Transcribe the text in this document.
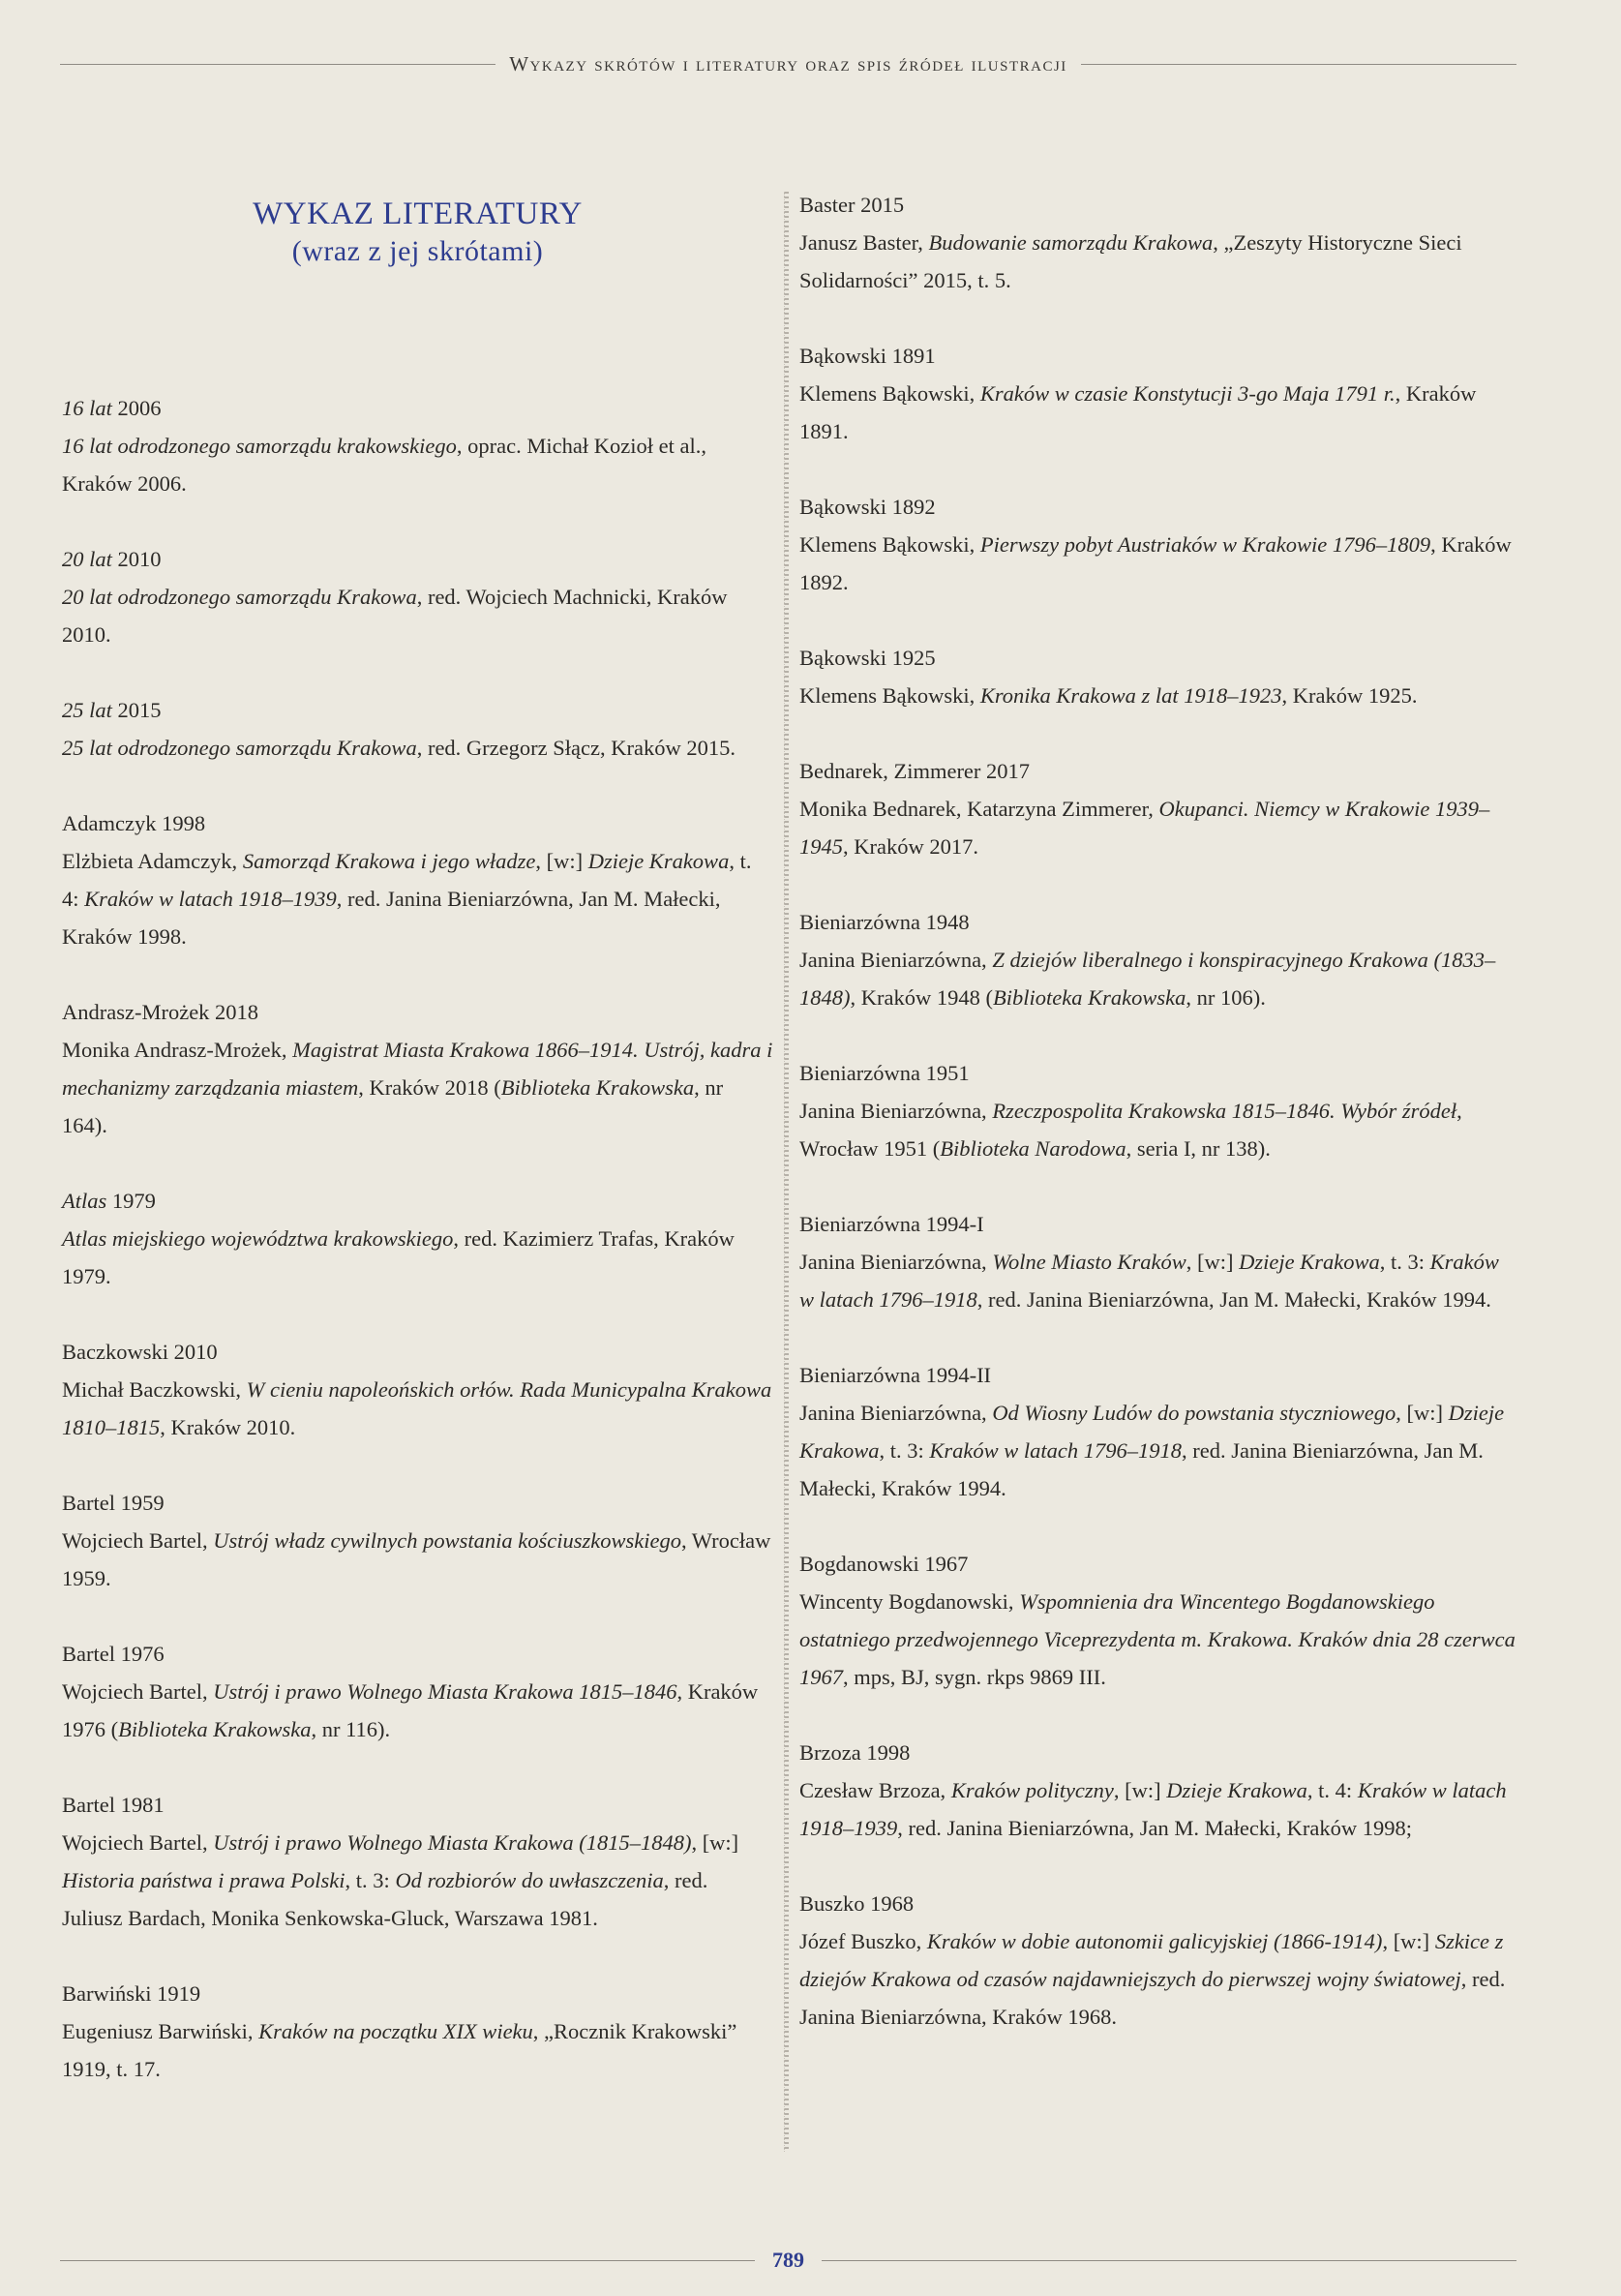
Wykazy skrótów i literatury oraz spis źródeł ilustracji
WYKAZ LITERATURY
(wraz z jej skrótami)
16 lat 2006
16 lat odrodzonego samorządu krakowskiego, oprac. Michał Kozioł et al., Kraków 2006.
20 lat 2010
20 lat odrodzonego samorządu Krakowa, red. Wojciech Machnicki, Kraków 2010.
25 lat 2015
25 lat odrodzonego samorządu Krakowa, red. Grzegorz Słącz, Kraków 2015.
Adamczyk 1998
Elżbieta Adamczyk, Samorząd Krakowa i jego władze, [w:] Dzieje Krakowa, t. 4: Kraków w latach 1918–1939, red. Janina Bieniarzówna, Jan M. Małecki, Kraków 1998.
Andrasz-Mrożek 2018
Monika Andrasz-Mrożek, Magistrat Miasta Krakowa 1866–1914. Ustrój, kadra i mechanizmy zarządzania miastem, Kraków 2018 (Biblioteka Krakowska, nr 164).
Atlas 1979
Atlas miejskiego województwa krakowskiego, red. Kazimierz Trafas, Kraków 1979.
Baczkowski 2010
Michał Baczkowski, W cieniu napoleońskich orłów. Rada Municypalna Krakowa 1810–1815, Kraków 2010.
Bartel 1959
Wojciech Bartel, Ustrój władz cywilnych powstania kościuszkowskiego, Wrocław 1959.
Bartel 1976
Wojciech Bartel, Ustrój i prawo Wolnego Miasta Krakowa 1815–1846, Kraków 1976 (Biblioteka Krakowska, nr 116).
Bartel 1981
Wojciech Bartel, Ustrój i prawo Wolnego Miasta Krakowa (1815–1848), [w:] Historia państwa i prawa Polski, t. 3: Od rozbiorów do uwłaszczenia, red. Juliusz Bardach, Monika Senkowska-Gluck, Warszawa 1981.
Barwiński 1919
Eugeniusz Barwiński, Kraków na początku XIX wieku, „Rocznik Krakowski” 1919, t. 17.
Baster 2015
Janusz Baster, Budowanie samorządu Krakowa, „Zeszyty Historyczne Sieci Solidarności” 2015, t. 5.
Bąkowski 1891
Klemens Bąkowski, Kraków w czasie Konstytucji 3-go Maja 1791 r., Kraków 1891.
Bąkowski 1892
Klemens Bąkowski, Pierwszy pobyt Austriaków w Krakowie 1796–1809, Kraków 1892.
Bąkowski 1925
Klemens Bąkowski, Kronika Krakowa z lat 1918–1923, Kraków 1925.
Bednarek, Zimmerer 2017
Monika Bednarek, Katarzyna Zimmerer, Okupanci. Niemcy w Krakowie 1939–1945, Kraków 2017.
Bieniarzówna 1948
Janina Bieniarzówna, Z dziejów liberalnego i konspiracyjnego Krakowa (1833–1848), Kraków 1948 (Biblioteka Krakowska, nr 106).
Bieniarzówna 1951
Janina Bieniarzówna, Rzeczpospolita Krakowska 1815–1846. Wybór źródeł, Wrocław 1951 (Biblioteka Narodowa, seria I, nr 138).
Bieniarzówna 1994-I
Janina Bieniarzówna, Wolne Miasto Kraków, [w:] Dzieje Krakowa, t. 3: Kraków w latach 1796–1918, red. Janina Bieniarzówna, Jan M. Małecki, Kraków 1994.
Bieniarzówna 1994-II
Janina Bieniarzówna, Od Wiosny Ludów do powstania styczniowego, [w:] Dzieje Krakowa, t. 3: Kraków w latach 1796–1918, red. Janina Bieniarzówna, Jan M. Małecki, Kraków 1994.
Bogdanowski 1967
Wincenty Bogdanowski, Wspomnienia dra Wincentego Bogdanowskiego ostatniego przedwojennego Viceprezydenta m. Krakowa. Kraków dnia 28 czerwca 1967, mps, BJ, sygn. rkps 9869 III.
Brzoza 1998
Czesław Brzoza, Kraków polityczny, [w:] Dzieje Krakowa, t. 4: Kraków w latach 1918–1939, red. Janina Bieniarzówna, Jan M. Małecki, Kraków 1998;
Buszko 1968
Józef Buszko, Kraków w dobie autonomii galicyjskiej (1866-1914), [w:] Szkice z dziejów Krakowa od czasów najdawniejszych do pierwszej wojny światowej, red. Janina Bieniarzówna, Kraków 1968.
789
